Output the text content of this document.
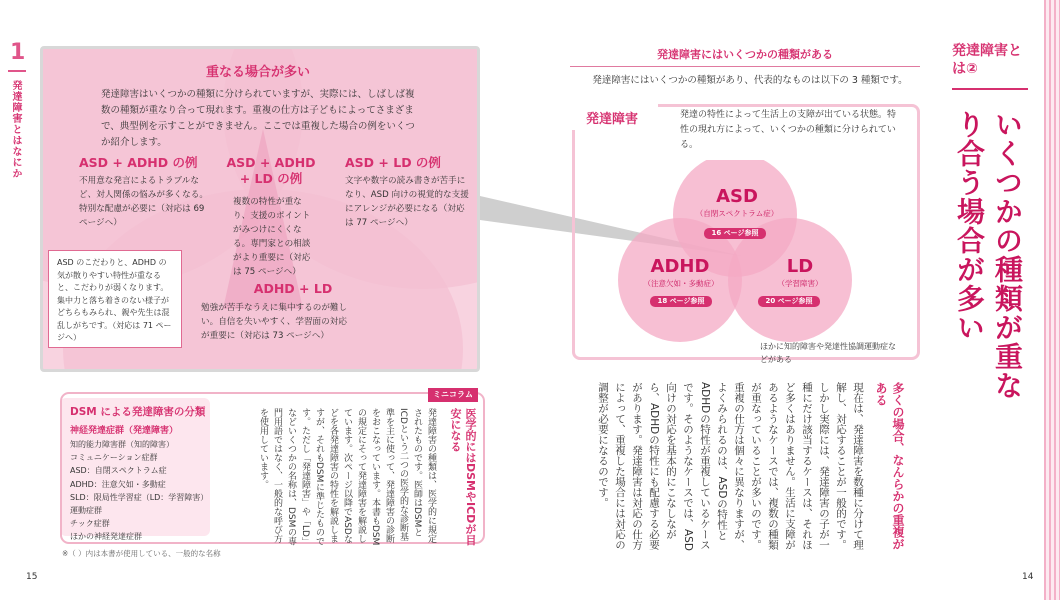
1
発達障害とはなにか
重なる場合が多い
発達障害はいくつかの種類に分けられていますが、実際には、しばしば複数の種類が重なり合って現れます。重複の仕方は子どもによってさまざまで、典型例を示すことができません。ここでは重複した場合の例をいくつか紹介します。
ASD + ADHD の例
不用意な発言によるトラブルなど、対人関係の悩みが多くなる。特別な配慮が必要に（対応は 69 ページへ）
ASD + ADHD + LD の例
複数の特性が重なり、支援のポイントがみつけにくくなる。専門家との相談がより重要に（対応は 75 ページへ）
ASD + LD の例
文字や数字の読み書きが苦手になり、ASD 向けの視覚的な支援にアレンジが必要になる（対応は 77 ページへ）
ADHD + LD
勉強が苦手なうえに集中するのが難しい。自信を失いやすく、学習面の対応が重要に（対応は 73 ページへ）
ASD のこだわりと、ADHD の気が散りやすい特性が重なると、こだわりが弱くなります。集中力と落ち着きのない様子がどちらもみられ、親や先生は混乱しがちです。（対応は 71 ページへ）
DSM による発達障害の分類
神経発達症群（発達障害）
知的能力障害群（知的障害）
コミュニケーション症群
ASD：自閉スペクトラム症
ADHD：注意欠如・多動症
SLD：限局性学習症（LD：学習障害）
運動症群
チック症群
ほかの神経発達症群
※（ ）内は本書が使用している、一般的な名称
ミニコラム
医学的にはDSMやICDが目安になる
発達障害の種類は、医学的に規定されたものです。医師はDSMとICDという二つの医学的な診断基準を主に使って、発達障害の診断をおこなっています。本書もDSMの規定にそって発達障害を解説しています。次ページ以降でASDなどを各発達障害の特性を解説しますが、それもDSMに準じたものです。ただし「発達障害」や「LD」などいくつかの名称は、DSMの専門用語ではなく、一般的な呼び方を使用しています。
15
発達障害にはいくつかの種類がある
発達障害にはいくつかの種類があり、代表的なものは以下の 3 種類です。
発達障害	発達の特性によって生活上の支障が出ている状態。特性の現れ方によって、いくつかの種類に分けられている。
ASD
（自閉スペクトラム症）
16 ページ参照
ADHD
（注意欠如・多動症）
18 ページ参照
LD
（学習障害）
20 ページ参照
ほかに知的障害や発達性協調運動症などがある
多くの場合、なんらかの重複がある
現在は、発達障害を数種に分けて理解し、対応することが一般的です。しかし実際には、発達障害の子が一種にだけ該当するケースは、それほど多くはありません。生活に支障があるようなケースでは、複数の種類が重なっていることが多いのです。重複の仕方は個々に異なりますが、よくみられるのは、ASDの特性とADHDの特性が重複しているケースです。そのようなケースでは、ASD向けの対応を基本的にこなしながら、ADHDの特性にも配慮する必要があります。発達障害は対応の仕方によって、重複した場合には対応の調整が必要になるのです。
発達障害とは②
いくつかの種類が重なり合う場合が多い
14
